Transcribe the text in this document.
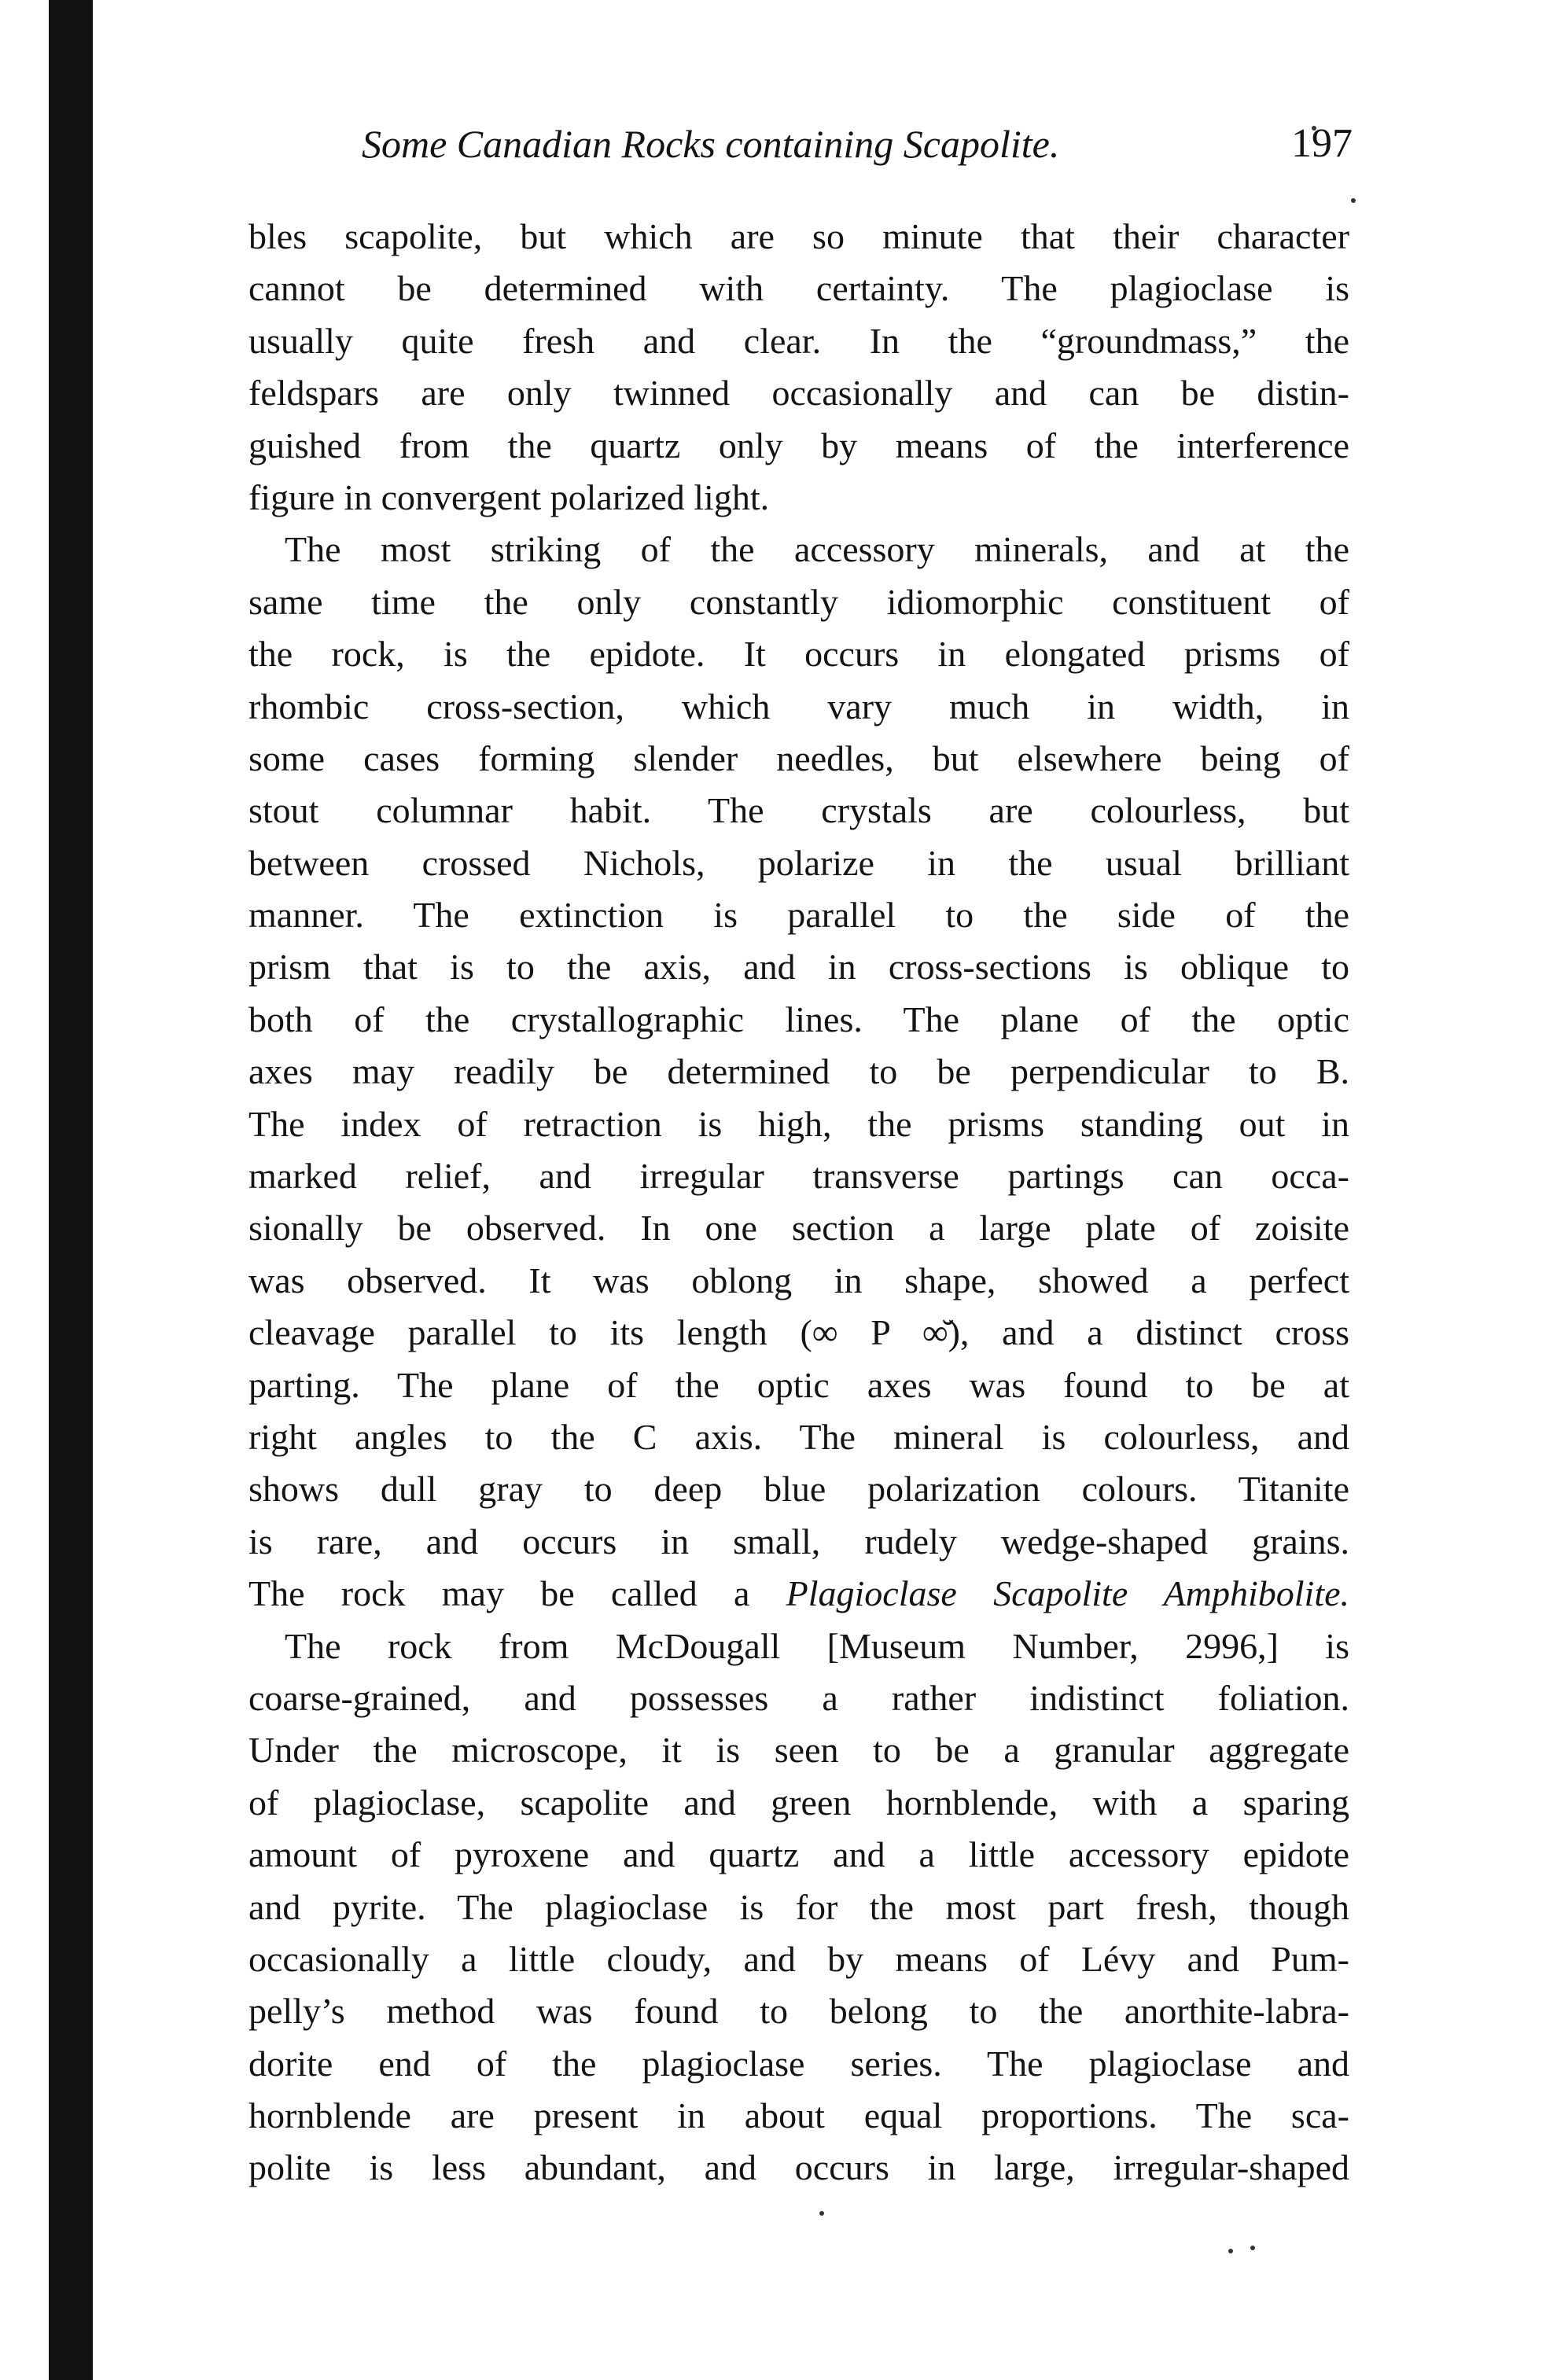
Some Canadian Rocks containing Scapolite.	197
bles scapolite, but which are so minute that their character
cannot be determined with certainty. The plagioclase is
usually quite fresh and clear. In the “groundmass,” the
feldspars are only twinned occasionally and can be distin-
guished from the quartz only by means of the interference
figure in convergent polarized light.
The most striking of the accessory minerals, and at the
same time the only constantly idiomorphic constituent of
the rock, is the epidote. It occurs in elongated prisms of
rhombic cross-section, which vary much in width, in
some cases forming slender needles, but elsewhere being of
stout columnar habit. The crystals are colourless, but
between crossed Nichols, polarize in the usual brilliant
manner. The extinction is parallel to the side of the
prism that is to the axis, and in cross-sections is oblique to
both of the crystallographic lines. The plane of the optic
axes may readily be determined to be perpendicular to B.
The index of retraction is high, the prisms standing out in
marked relief, and irregular transverse partings can occa-
sionally be observed. In one section a large plate of zoisite
was observed. It was oblong in shape, showed a perfect
cleavage parallel to its length (∞ P ∞̆), and a distinct cross
parting. The plane of the optic axes was found to be at
right angles to the C axis. The mineral is colourless, and
shows dull gray to deep blue polarization colours. Titanite
is rare, and occurs in small, rudely wedge-shaped grains.
The rock may be called a Plagioclase Scapolite Amphibolite.
The rock from McDougall [Museum Number, 2996,] is
coarse-grained, and possesses a rather indistinct foliation.
Under the microscope, it is seen to be a granular aggregate
of plagioclase, scapolite and green hornblende, with a sparing
amount of pyroxene and quartz and a little accessory epidote
and pyrite. The plagioclase is for the most part fresh, though
occasionally a little cloudy, and by means of Lévy and Pum-
pelly’s method was found to belong to the anorthite-labra-
dorite end of the plagioclase series. The plagioclase and
hornblende are present in about equal proportions. The sca-
polite is less abundant, and occurs in large, irregular-shaped
